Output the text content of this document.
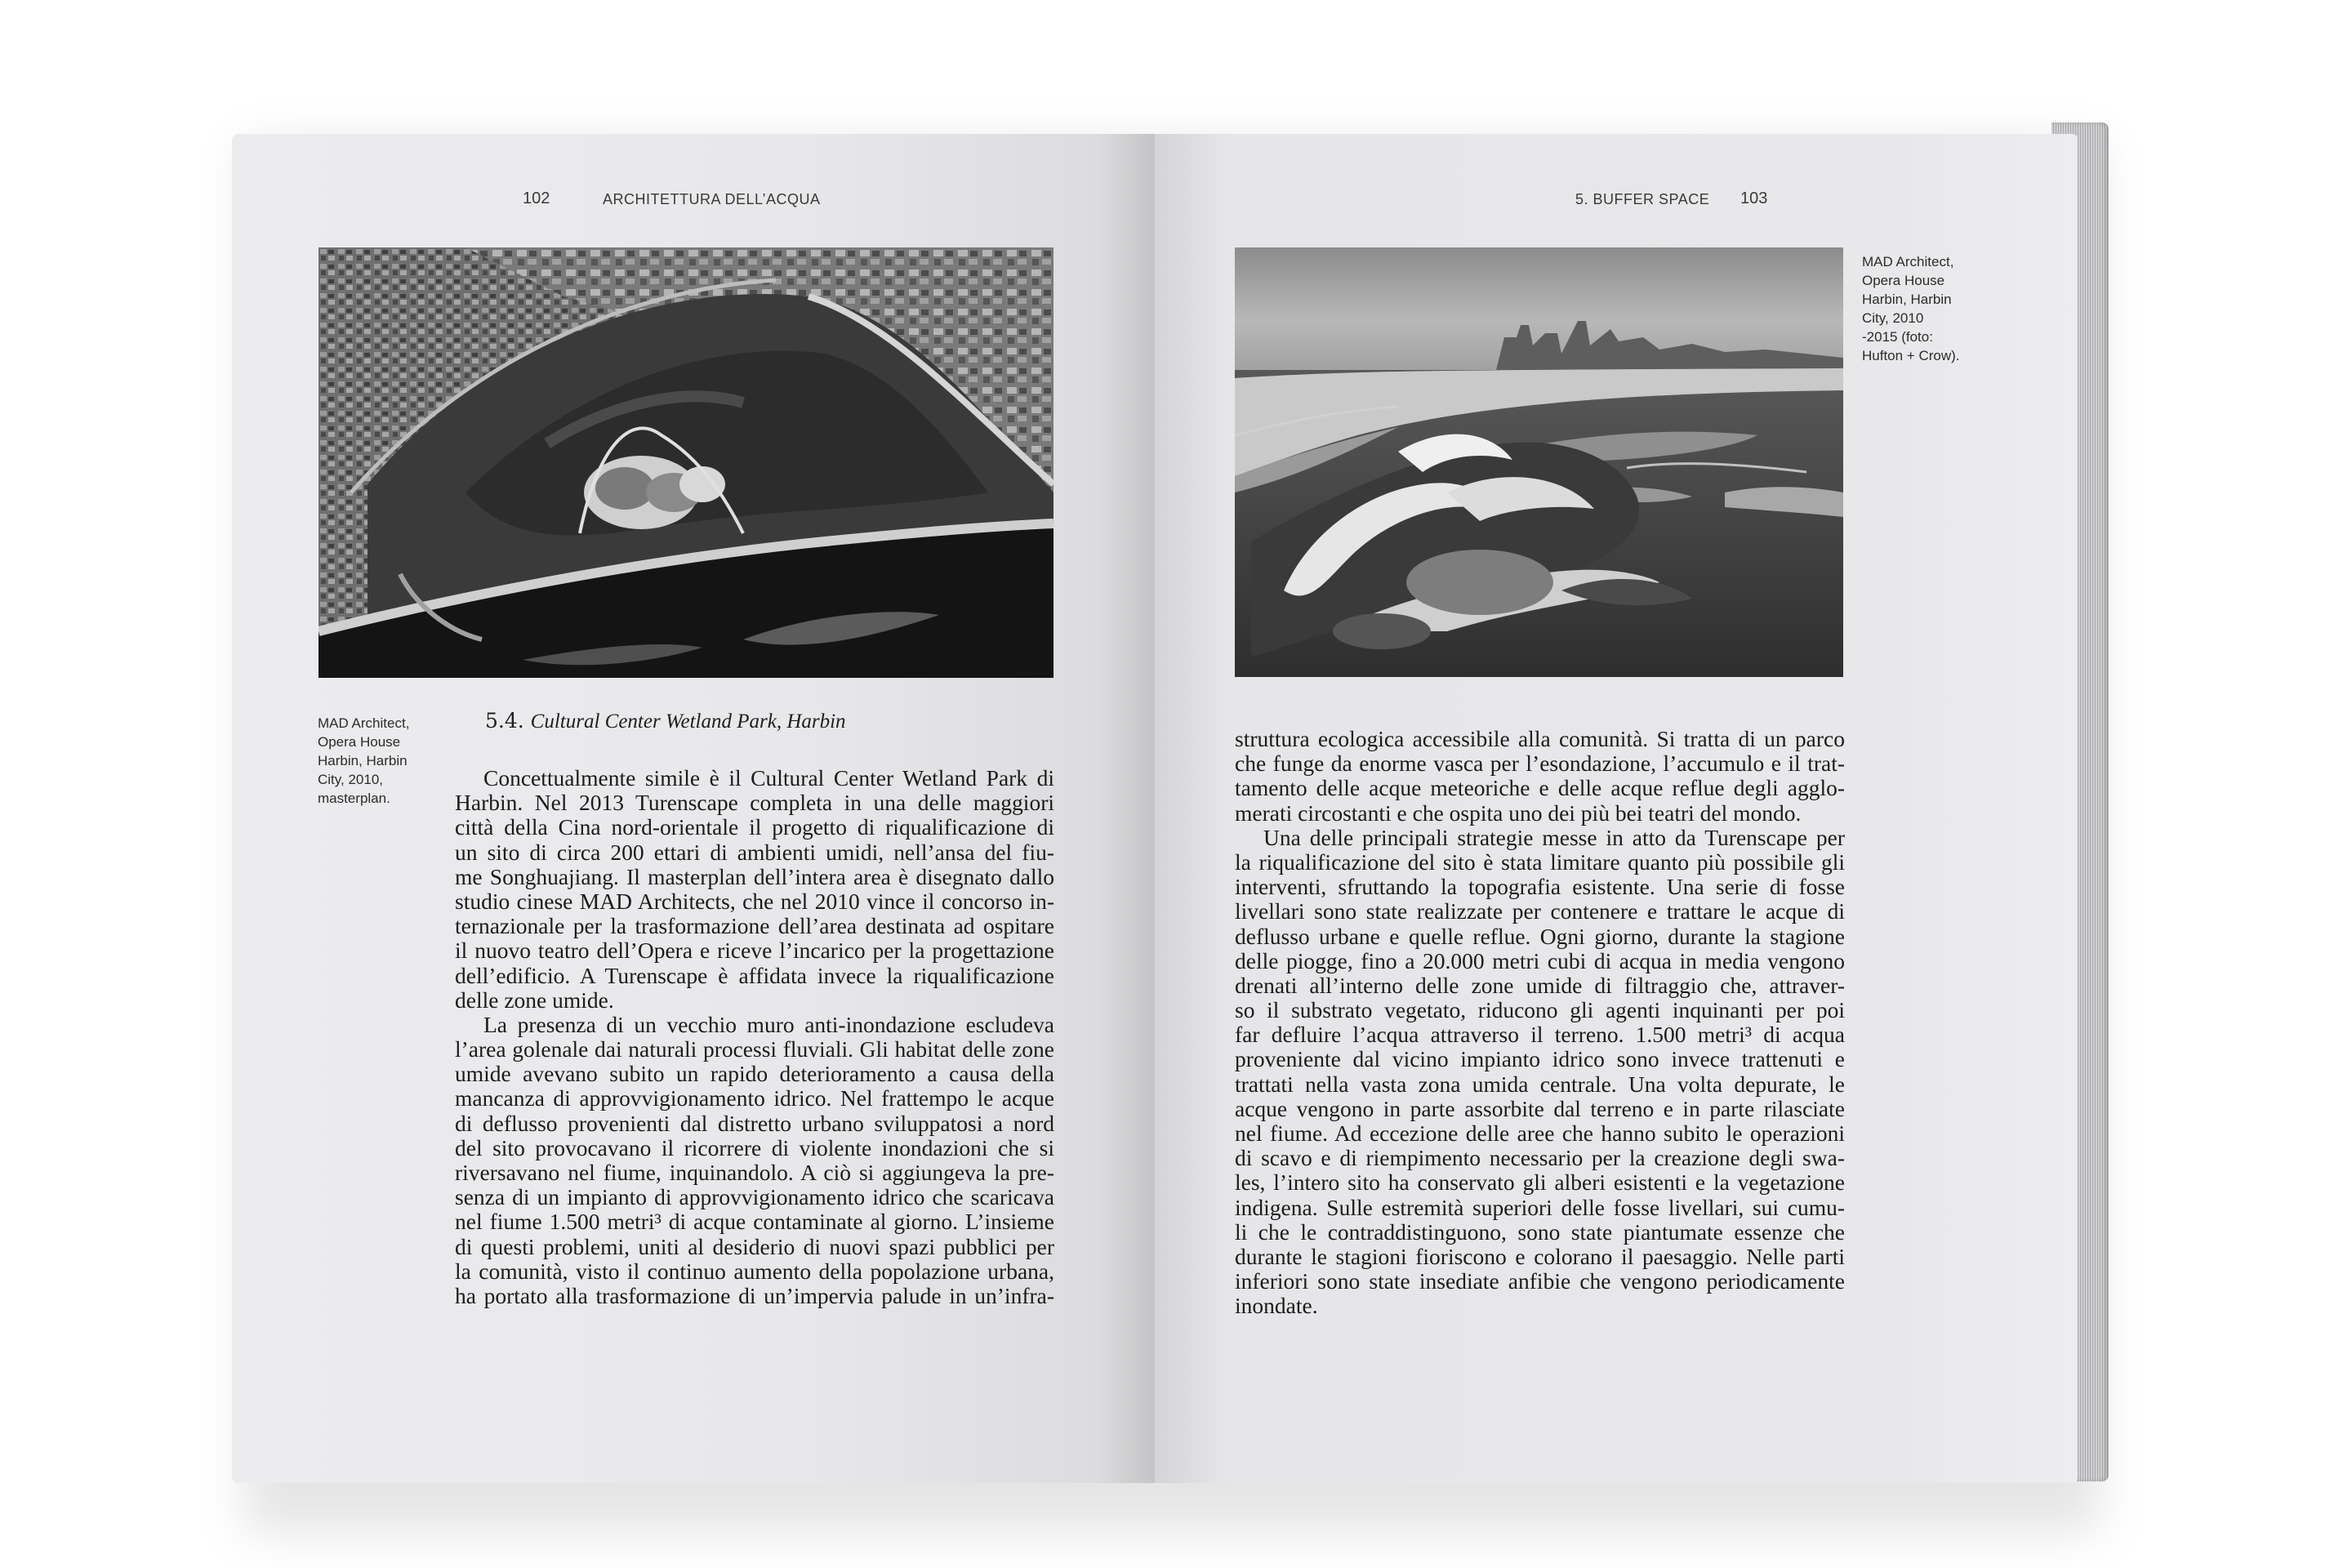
102	ARCHITETTURA DELL’ACQUA

MAD Architect,
Opera House
Harbin, Harbin
City, 2010,
masterplan.
5.4. Cultural Center Wetland Park, Harbin
Concettualmente simile è il Cultural Center Wetland Park di
Harbin. Nel 2013 Turenscape completa in una delle maggiori
città della Cina nord-orientale il progetto di riqualificazione di
un sito di circa 200 ettari di ambienti umidi, nell’ansa del fiu-
me Songhuajiang. Il masterplan dell’intera area è disegnato dallo
studio cinese MAD Architects, che nel 2010 vince il concorso in-
ternazionale per la trasformazione dell’area destinata ad ospitare
il nuovo teatro dell’Opera e riceve l’incarico per la progettazione
dell’edificio. A Turenscape è affidata invece la riqualificazione
delle zone umide.
La presenza di un vecchio muro anti-inondazione escludeva
l’area golenale dai naturali processi fluviali. Gli habitat delle zone
umide avevano subito un rapido deterioramento a causa della
mancanza di approvvigionamento idrico. Nel frattempo le acque
di deflusso provenienti dal distretto urbano sviluppatosi a nord
del sito provocavano il ricorrere di violente inondazioni che si
riversavano nel fiume, inquinandolo. A ciò si aggiungeva la pre-
senza di un impianto di approvvigionamento idrico che scaricava
nel fiume 1.500 metri³ di acque contaminate al giorno. L’insieme
di questi problemi, uniti al desiderio di nuovi spazi pubblici per
la comunità, visto il continuo aumento della popolazione urbana,
ha portato alla trasformazione di un’impervia palude in un’infra-

5. BUFFER SPACE 103

MAD Architect,
Opera House
Harbin, Harbin
City, 2010
-2015 (foto:
Hufton + Crow).
struttura ecologica accessibile alla comunità. Si tratta di un parco
che funge da enorme vasca per l’esondazione, l’accumulo e il trat-
tamento delle acque meteoriche e delle acque reflue degli agglo-
merati circostanti e che ospita uno dei più bei teatri del mondo.
Una delle principali strategie messe in atto da Turenscape per
la riqualificazione del sito è stata limitare quanto più possibile gli
interventi, sfruttando la topografia esistente. Una serie di fosse
livellari sono state realizzate per contenere e trattare le acque di
deflusso urbane e quelle reflue. Ogni giorno, durante la stagione
delle piogge, fino a 20.000 metri cubi di acqua in media vengono
drenati all’interno delle zone umide di filtraggio che, attraver-
so il substrato vegetato, riducono gli agenti inquinanti per poi
far defluire l’acqua attraverso il terreno. 1.500 metri³ di acqua
proveniente dal vicino impianto idrico sono invece trattenuti e
trattati nella vasta zona umida centrale. Una volta depurate, le
acque vengono in parte assorbite dal terreno e in parte rilasciate
nel fiume. Ad eccezione delle aree che hanno subito le operazioni
di scavo e di riempimento necessario per la creazione degli swa-
les, l’intero sito ha conservato gli alberi esistenti e la vegetazione
indigena. Sulle estremità superiori delle fosse livellari, sui cumu-
li che le contraddistinguono, sono state piantumate essenze che
durante le stagioni fioriscono e colorano il paesaggio. Nelle parti
inferiori sono state insediate anfibie che vengono periodicamente
inondate.
